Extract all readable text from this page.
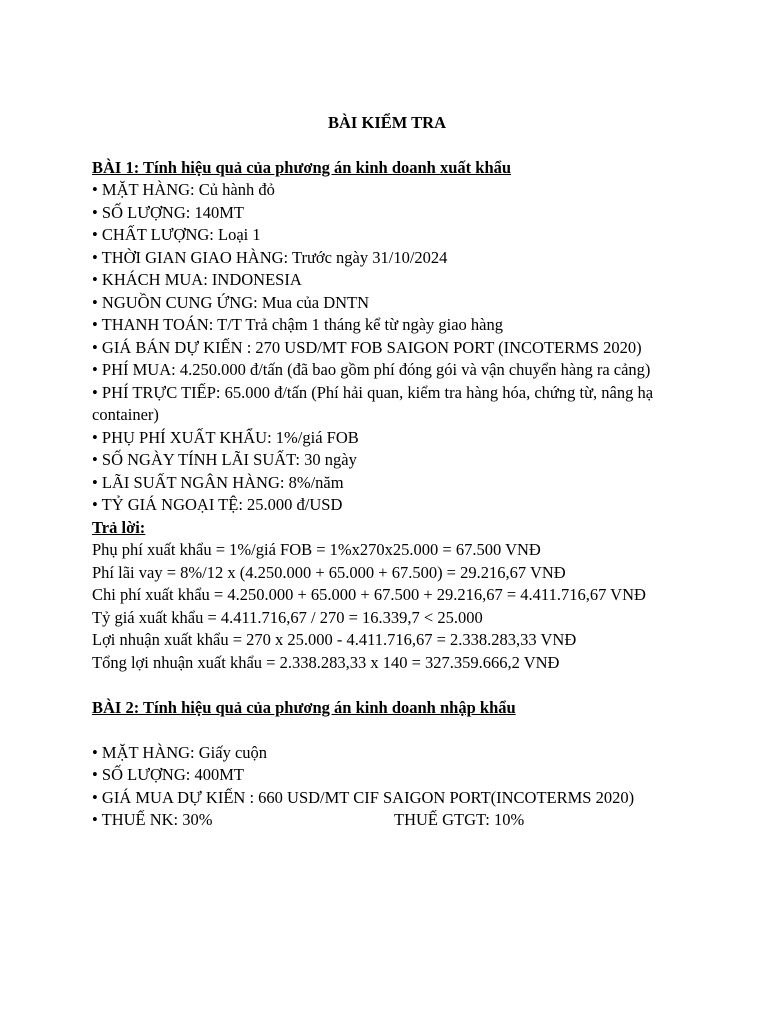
BÀI KIỂM TRA

BÀI 1: Tính hiệu quả của phương án kinh doanh xuất khẩu

• MẶT HÀNG: Củ hành đỏ

• SỐ LƯỢNG: 140MT

• CHẤT LƯỢNG: Loại 1

• THỜI GIAN GIAO HÀNG: Trước ngày 31/10/2024

• KHÁCH MUA: INDONESIA

• NGUỒN CUNG ỨNG: Mua của DNTN

• THANH TOÁN: T/T Trả chậm 1 tháng kể từ ngày giao hàng

• GIÁ BÁN DỰ KIẾN : 270 USD/MT FOB SAIGON PORT (INCOTERMS 2020)

• PHÍ MUA: 4.250.000 đ/tấn (đã bao gồm phí đóng gói và vận chuyển hàng ra cảng)

• PHÍ TRỰC TIẾP: 65.000 đ/tấn (Phí hải quan, kiểm tra hàng hóa, chứng từ, nâng hạ container)

• PHỤ PHÍ XUẤT KHẨU: 1%/giá FOB

• SỐ NGÀY TÍNH LÃI SUẤT: 30 ngày

• LÃI SUẤT NGÂN HÀNG: 8%/năm

• TỶ GIÁ NGOẠI TỆ: 25.000 đ/USD

Trả lời:

Phụ phí xuất khẩu = 1%/giá FOB = 1%x270x25.000 = 67.500 VNĐ

Phí lãi vay = 8%/12 x (4.250.000 + 65.000 + 67.500) = 29.216,67 VNĐ

Chi phí xuất khẩu = 4.250.000 + 65.000 + 67.500 + 29.216,67 = 4.411.716,67 VNĐ

Tỷ giá xuất khẩu = 4.411.716,67 / 270 = 16.339,7 < 25.000

Lợi nhuận xuất khẩu = 270 x 25.000 - 4.411.716,67 = 2.338.283,33 VNĐ

Tổng lợi nhuận xuất khẩu = 2.338.283,33 x 140 = 327.359.666,2 VNĐ

BÀI 2: Tính hiệu quả của phương án kinh doanh nhập khẩu

• MẶT HÀNG: Giấy cuộn

• SỐ LƯỢNG: 400MT

• GIÁ MUA DỰ KIẾN : 660 USD/MT CIF SAIGON PORT(INCOTERMS 2020)

• THUẾ NK: 30%	THUẾ GTGT: 10%
